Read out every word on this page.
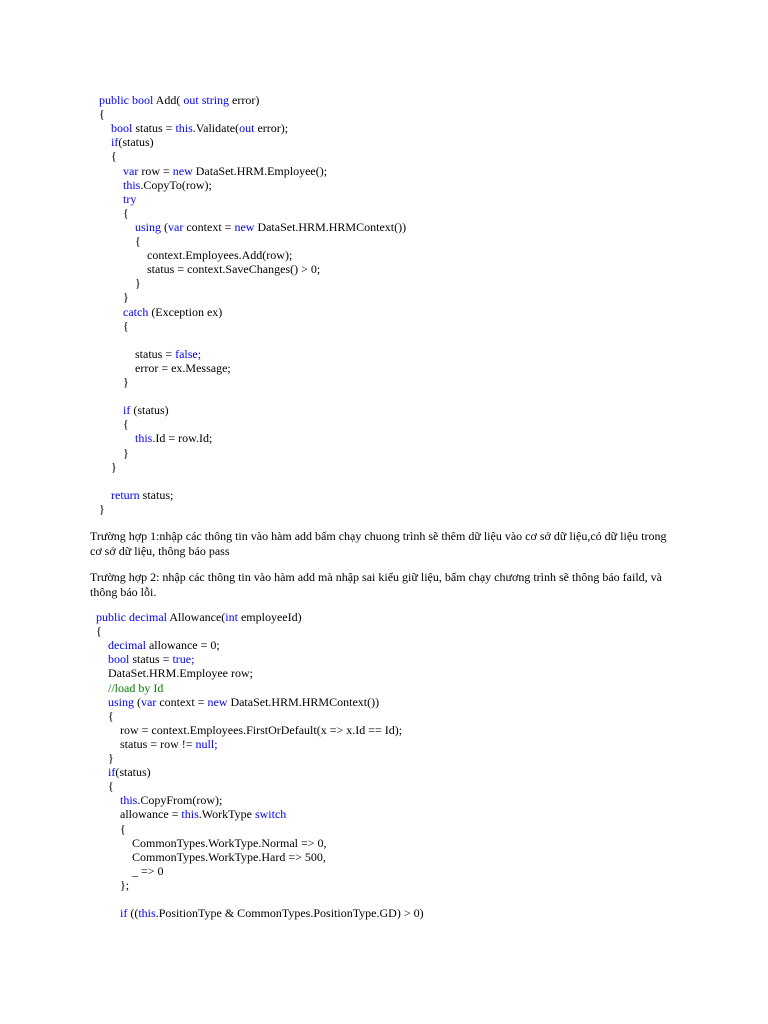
public bool Add( out string error)
{
bool status = this.Validate(out error);
if(status)
{
var row = new DataSet.HRM.Employee();
this.CopyTo(row);
try
{
using (var context = new DataSet.HRM.HRMContext())
{
context.Employees.Add(row);
status = context.SaveChanges() > 0;
}
}
catch (Exception ex)
{
status = false;
error = ex.Message;
}
if (status)
{
this.Id = row.Id;
}
}
return status;
}
Trường hợp 1:nhập các thông tin vào hàm add bấm chạy chuong trình sẽ thêm dữ liệu vào cơ sở dữ liệu,có dữ liệu trong cơ sở dữ liệu, thông báo pass
Trường hợp 2: nhập các thông tin vào hàm add mà nhập sai kiểu giữ liệu, bấm chạy chương trình sẽ thông báo faild, và thông báo lỗi.
public decimal Allowance(int employeeId)
{
decimal allowance = 0;
bool status = true;
DataSet.HRM.Employee row;
//load by Id
using (var context = new DataSet.HRM.HRMContext())
{
row = context.Employees.FirstOrDefault(x => x.Id == Id);
status = row != null;
}
if(status)
{
this.CopyFrom(row);
allowance = this.WorkType switch
{
CommonTypes.WorkType.Normal => 0,
CommonTypes.WorkType.Hard => 500,
_ => 0
};
if ((this.PositionType & CommonTypes.PositionType.GD) > 0)
